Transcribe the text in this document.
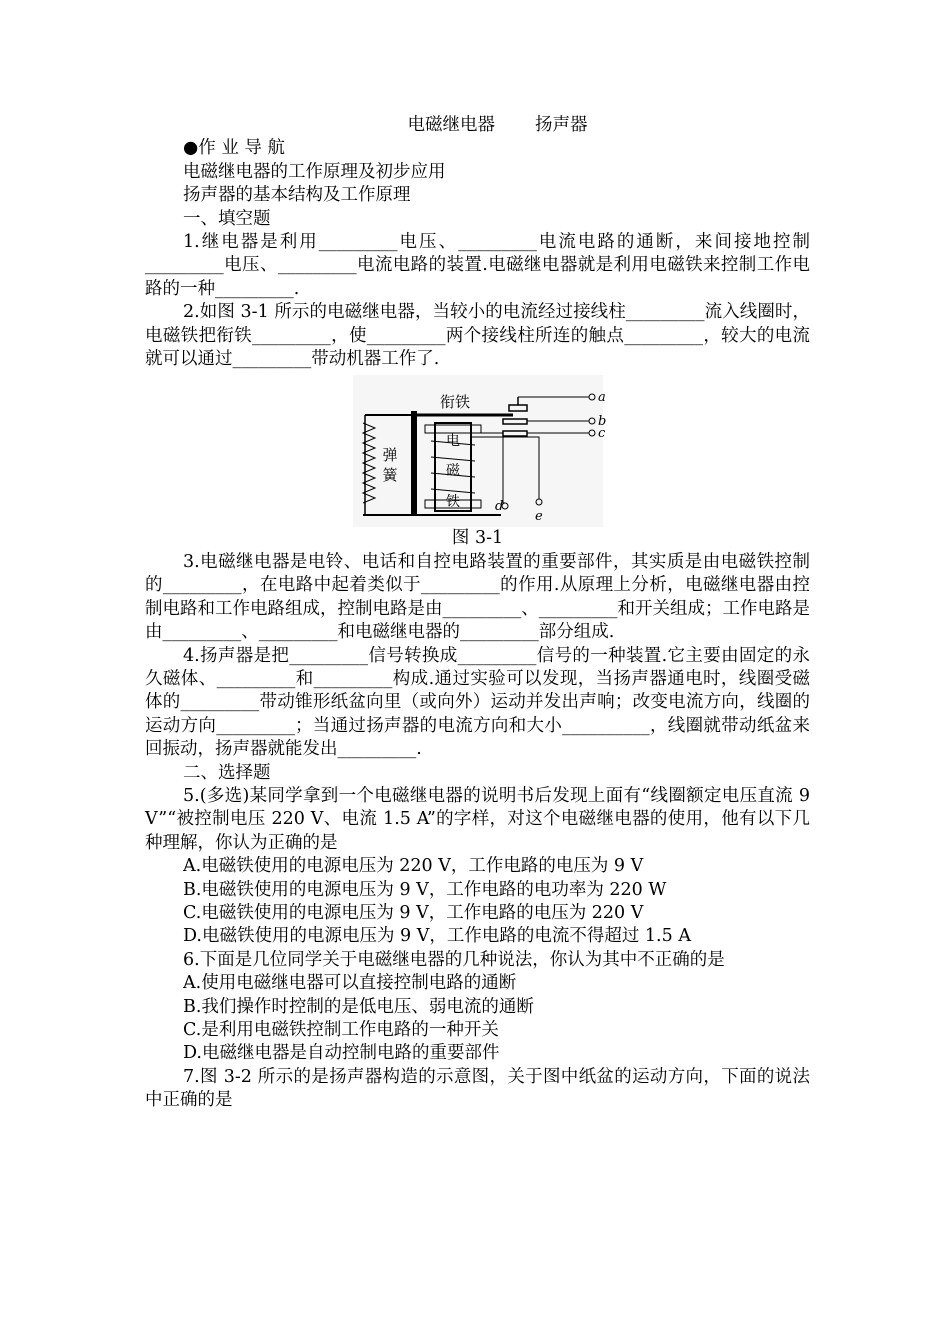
电磁继电器 扬声器

●作 业 导 航

电磁继电器的工作原理及初步应用

扬声器的基本结构及工作原理

一、填空题

1.继电器是利用_________电压、_________电流电路的通断，来间接地控制_________电压、_________电流电路的装置.电磁继电器就是利用电磁铁来控制工作电路的一种_________.

2.如图 3-1 所示的电磁继电器，当较小的电流经过接线柱_________流入线圈时，电磁铁把衔铁_________，使_________两个接线柱所连的触点_________，较大的电流就可以通过_________带动机器工作了.

弹
簧
电
磁
铁
衔铁	a
b
c
d
e

图 3-1

3.电磁继电器是电铃、电话和自控电路装置的重要部件，其实质是由电磁铁控制的_________，在电路中起着类似于_________的作用.从原理上分析，电磁继电器由控制电路和工作电路组成，控制电路是由_________、_________和开关组成；工作电路是由_________、_________和电磁继电器的_________部分组成.

4.扬声器是把_________信号转换成_________信号的一种装置.它主要由固定的永久磁体、_________和_________构成.通过实验可以发现，当扬声器通电时，线圈受磁体的_________带动锥形纸盆向里（或向外）运动并发出声响；改变电流方向，线圈的运动方向_________；当通过扬声器的电流方向和大小__________，线圈就带动纸盆来回振动，扬声器就能发出_________.

二、选择题

5.(多选)某同学拿到一个电磁继电器的说明书后发现上面有“线圈额定电压直流 9 V”“被控制电压 220 V、电流 1.5 A”的字样，对这个电磁继电器的使用，他有以下几种理解，你认为正确的是

A.电磁铁使用的电源电压为 220 V，工作电路的电压为 9 V

B.电磁铁使用的电源电压为 9 V，工作电路的电功率为 220 W

C.电磁铁使用的电源电压为 9 V，工作电路的电压为 220 V

D.电磁铁使用的电源电压为 9 V，工作电路的电流不得超过 1.5 A

6.下面是几位同学关于电磁继电器的几种说法，你认为其中不正确的是

A.使用电磁继电器可以直接控制电路的通断

B.我们操作时控制的是低电压、弱电流的通断

C.是利用电磁铁控制工作电路的一种开关

D.电磁继电器是自动控制电路的重要部件

7.图 3-2 所示的是扬声器构造的示意图，关于图中纸盆的运动方向，下面的说法中正确的是
